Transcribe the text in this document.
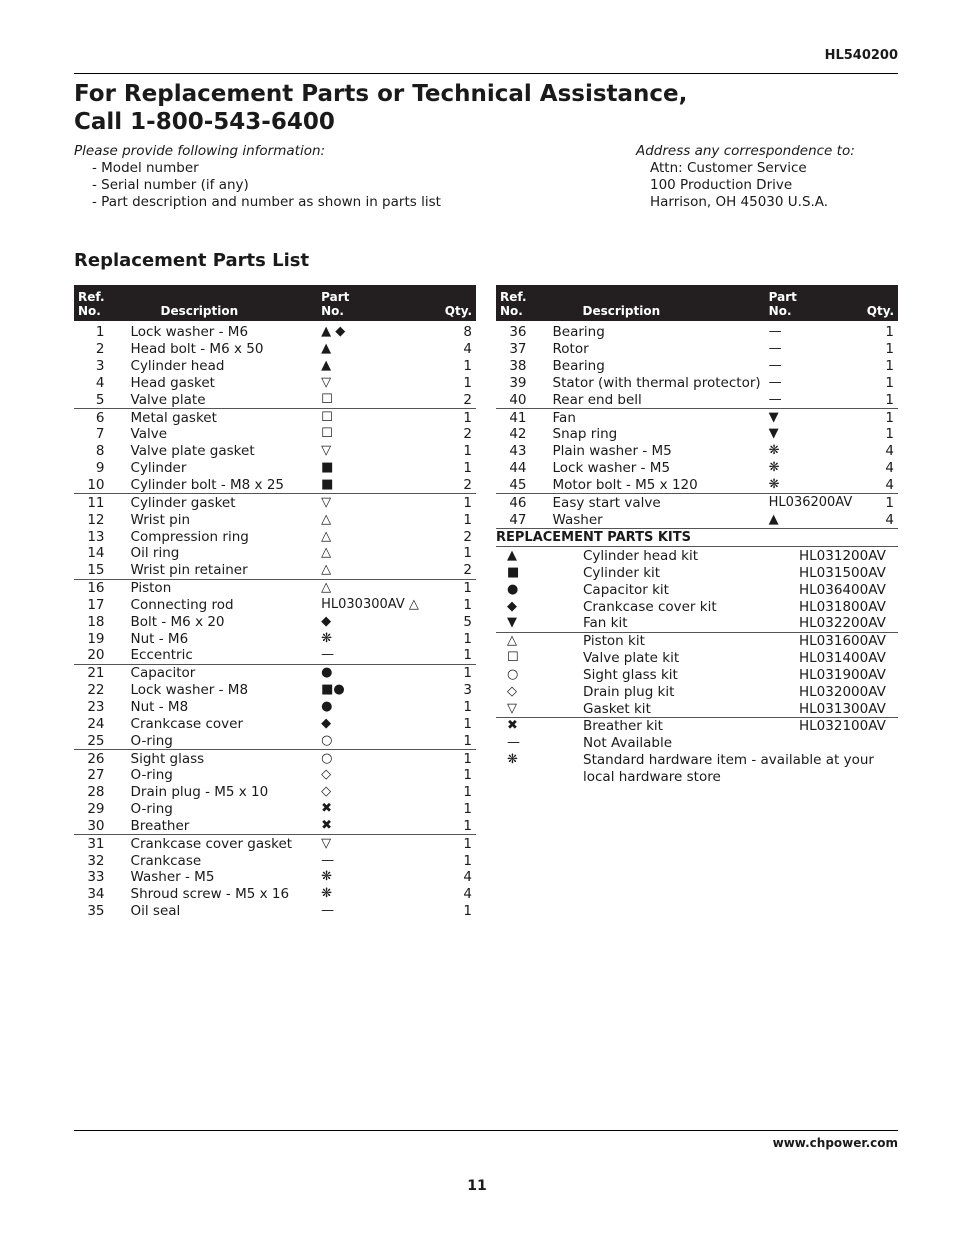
HL540200
For Replacement Parts or Technical Assistance,
Call 1-800-543-6400
Please provide following information:
- Model number
- Serial number (if any)
- Part description and number as shown in parts list
Address any correspondence to:
Attn: Customer Service
100 Production Drive
Harrison, OH 45030 U.S.A.
Replacement Parts List
Ref.
No.	Description	Part
No.	Qty.
1	Lock washer - M6	▲ ◆	8
2	Head bolt - M6 x 50	▲	4
3	Cylinder head	▲	1
4	Head gasket	▽	1
5	Valve plate	☐	2
6	Metal gasket	☐	1
7	Valve	☐	2
8	Valve plate gasket	▽	1
9	Cylinder	■	1
10	Cylinder bolt - M8 x 25	■	2
11	Cylinder gasket	▽	1
12	Wrist pin	△	1
13	Compression ring	△	2
14	Oil ring	△	1
15	Wrist pin retainer	△	2
16	Piston	△	1
17	Connecting rod	HL030300AV △	1
18	Bolt - M6 x 20	◆	5
19	Nut - M6	❋	1
20	Eccentric	—	1
21	Capacitor	●	1
22	Lock washer - M8	■●	3
23	Nut - M8	●	1
24	Crankcase cover	◆	1
25	O-ring	○	1
26	Sight glass	○	1
27	O-ring	◇	1
28	Drain plug - M5 x 10	◇	1
29	O-ring	✖	1
30	Breather	✖	1
31	Crankcase cover gasket	▽	1
32	Crankcase	—	1
33	Washer - M5	❋	4
34	Shroud screw - M5 x 16	❋	4
35	Oil seal	—	1
Ref.
No.	Description	Part
No.	Qty.
36	Bearing	—	1
37	Rotor	—	1
38	Bearing	—	1
39	Stator (with thermal protector)	—	1
40	Rear end bell	—	1
41	Fan	▼	1
42	Snap ring	▼	1
43	Plain washer - M5	❋	4
44	Lock washer - M5	❋	4
45	Motor bolt - M5 x 120	❋	4
46	Easy start valve	HL036200AV	1
47	Washer	▲	4
REPLACEMENT PARTS KITS
▲	Cylinder head kit	HL031200AV
■	Cylinder kit	HL031500AV
●	Capacitor kit	HL036400AV
◆	Crankcase cover kit	HL031800AV
▼	Fan kit	HL032200AV
△	Piston kit	HL031600AV
☐	Valve plate kit	HL031400AV
○	Sight glass kit	HL031900AV
◇	Drain plug kit	HL032000AV
▽	Gasket kit	HL031300AV
✖	Breather kit	HL032100AV
—	Not Available	
❋	Standard hardware item - available at your local hardware store	
www.chpower.com
11
